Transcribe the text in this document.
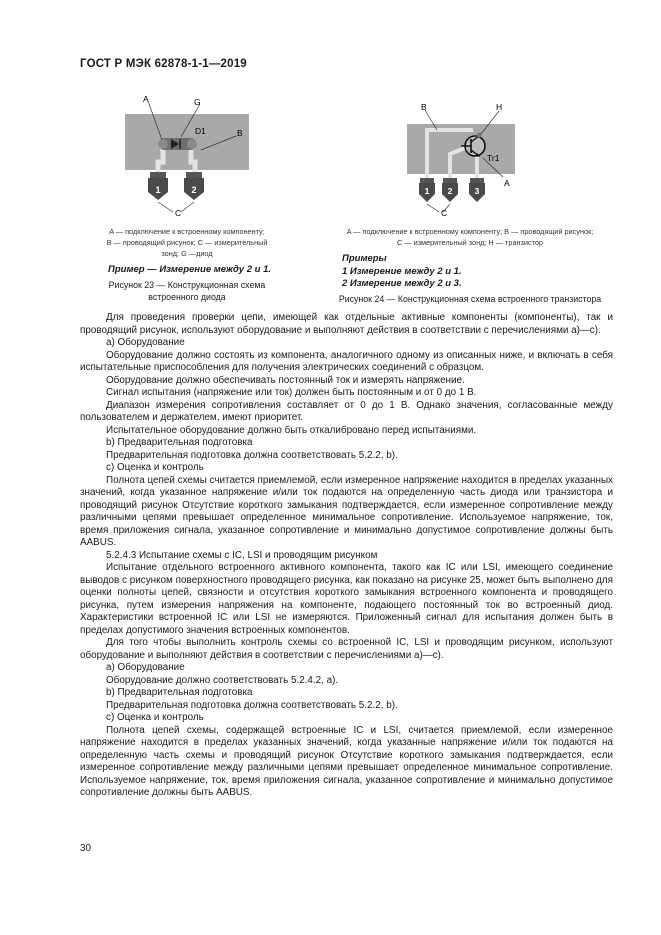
ГОСТ Р МЭК 62878-1-1—2019
1	2
A	G
D1	B
C
A — подключение к встроенному компоненту;
B — проводящий рисунок; C — измерительный
зонд; G —диод
Пример — Измерение между 2 и 1.
Рисунок 23 — Конструкционная схема
встроенного диода
1 2	3
B	H
Tr1
A
C
A — подключение к встроенному компоненту; B — проводящий рисунок;
C — измерительный зонд; H — транзистор
Примеры
1 Измерение между 2 и 1.
2 Измерение между 2 и 3.
Рисунок 24 — Конструкционная схема встроенного транзистора

Для проведения проверки цепи, имеющей как отдельные активные компоненты (компоненты), так и проводящий рисунок, используют оборудование и выполняют действия в соответствии с перечислениями а)—с).

а) Оборудование

Оборудование должно состоять из компонента, аналогичного одному из описанных ниже, и включать в себя испытательные приспособления для получения электрических соединений с образцом.

Оборудование должно обеспечивать постоянный ток и измерять напряжение.

Сигнал испытания (напряжение или ток) должен быть постоянным и от 0 до 1 В.

Диапазон измерения сопротивления составляет от 0 до 1 В. Однако значения, согласованные между пользователем и держателем, имеют приоритет.

Испытательное оборудование должно быть откалибровано перед испытаниями.

b) Предварительная подготовка

Предварительная подготовка должна соответствовать 5.2.2, b).

с) Оценка и контроль

Полнота цепей схемы считается приемлемой, если измеренное напряжение находится в пределах указанных значений, когда указанное напряжение и/или ток подаются на определенную часть диода или транзистора и проводящий рисунок Отсутствие короткого замыкания подтверждается, если измеренное сопротивление между различными цепями превышает определенное минимальное сопротивление. Используемое напряжение, ток, время приложения сигнала, указанное сопротивление и минимально допустимое сопротивление должны быть AABUS.

5.2.4.3 Испытание схемы с IC, LSI и проводящим рисунком

Испытание отдельного встроенного активного компонента, такого как IC или LSI, имеющего соединение выводов с рисунком поверхностного проводящего рисунка, как показано на рисунке 25, может быть выполнено для оценки полноты цепей, связности и отсутствия короткого замыкания встроенного компонента и проводящего рисунка, путем измерения напряжения на компоненте, подающего постоянный ток во встроенный диод. Характеристики встроенной IC или LSI не измеряются. Приложенный сигнал для испытания должен быть в пределах допустимого значения встроенных компонентов.

Для того чтобы выполнить контроль схемы со встроенной IC, LSI и проводящим рисунком, используют оборудование и выполняют действия в соответствии с перечислениями а)—с).

а) Оборудование

Оборудование должно соответствовать 5.2.4.2, а).

b) Предварительная подготовка

Предварительная подготовка должна соответствовать 5.2.2, b).

с) Оценка и контроль

Полнота цепей схемы, содержащей встроенные IC и LSI, считается приемлемой, если измеренное напряжение находится в пределах указанных значений, когда указанные напряжение и/или ток подаются на определенную часть схемы и проводящий рисунок Отсутствие короткого замыкания подтверждается, если измеренное сопротивление между различными цепями превышает определенное минимальное сопротивление. Используемое напряжение, ток, время приложения сигнала, указанное сопротивление и минимально допустимое сопротивление должны быть AABUS.

30
